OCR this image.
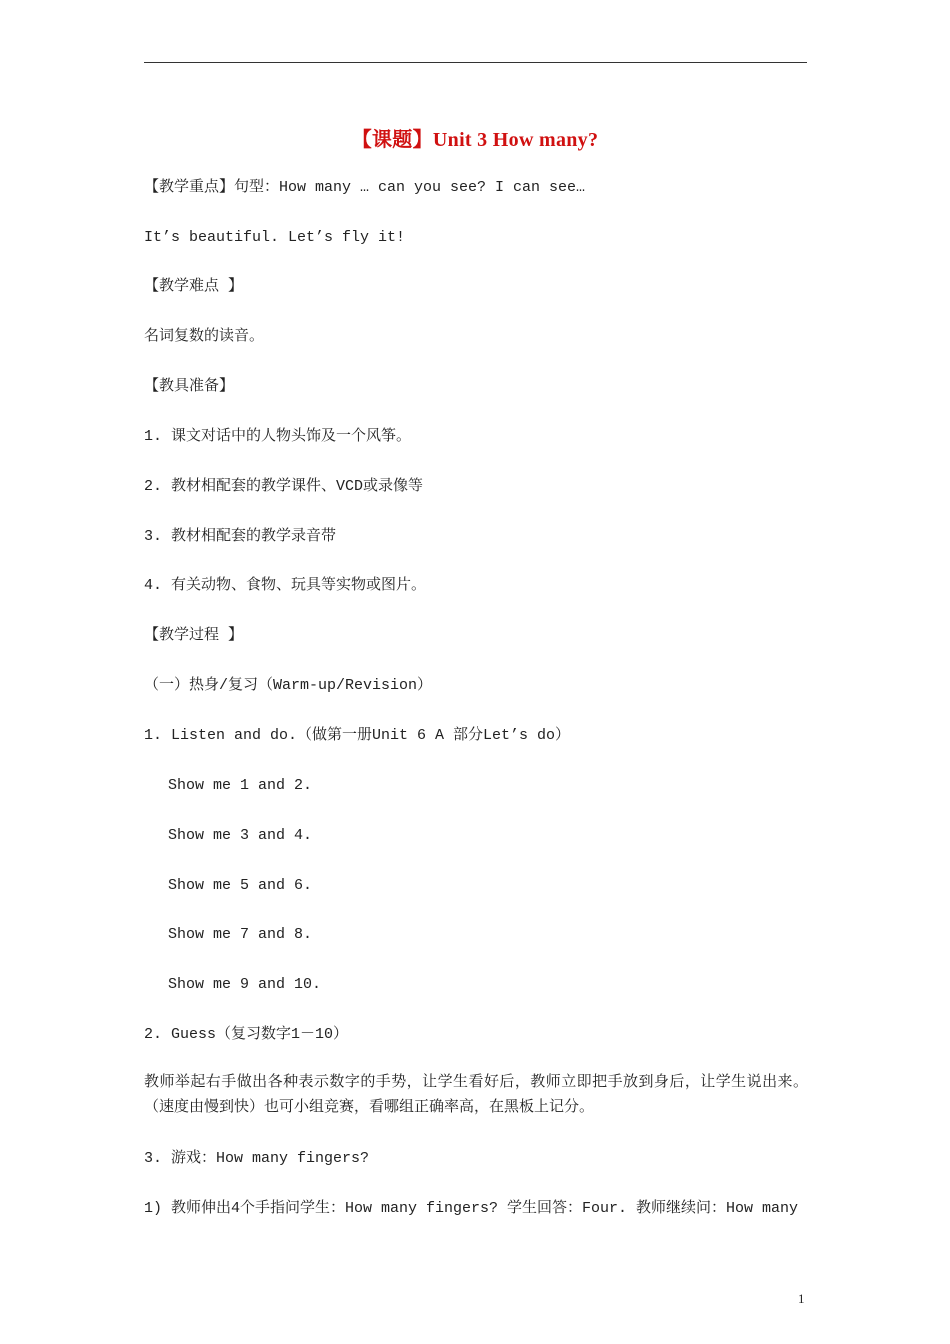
【课题】Unit 3 How many?
【教学重点】句型：How many … can you see? I can see…
It’s beautiful. Let’s fly it!
【教学难点 】
名词复数的读音。
【教具准备】
1. 课文对话中的人物头饰及一个风筝。
2. 教材相配套的教学课件、VCD或录像等
3. 教材相配套的教学录音带
4. 有关动物、食物、玩具等实物或图片。
【教学过程 】
（一）热身/复习（Warm-up/Revision）
1. Listen and do.（做第一册Unit 6 A 部分Let’s do）
Show me 1 and 2.
Show me 3 and 4.
Show me 5 and 6.
Show me 7 and 8.
Show me 9 and 10.
2. Guess（复习数字1－10）
教师举起右手做出各种表示数字的手势，让学生看好后，教师立即把手放到身后，让学生说出来。（速度由慢到快）也可小组竞赛，看哪组正确率高，在黑板上记分。
3. 游戏：How many fingers?
1) 教师伸出4个手指问学生：How many fingers? 学生回答：Four. 教师继续问：How many
1
